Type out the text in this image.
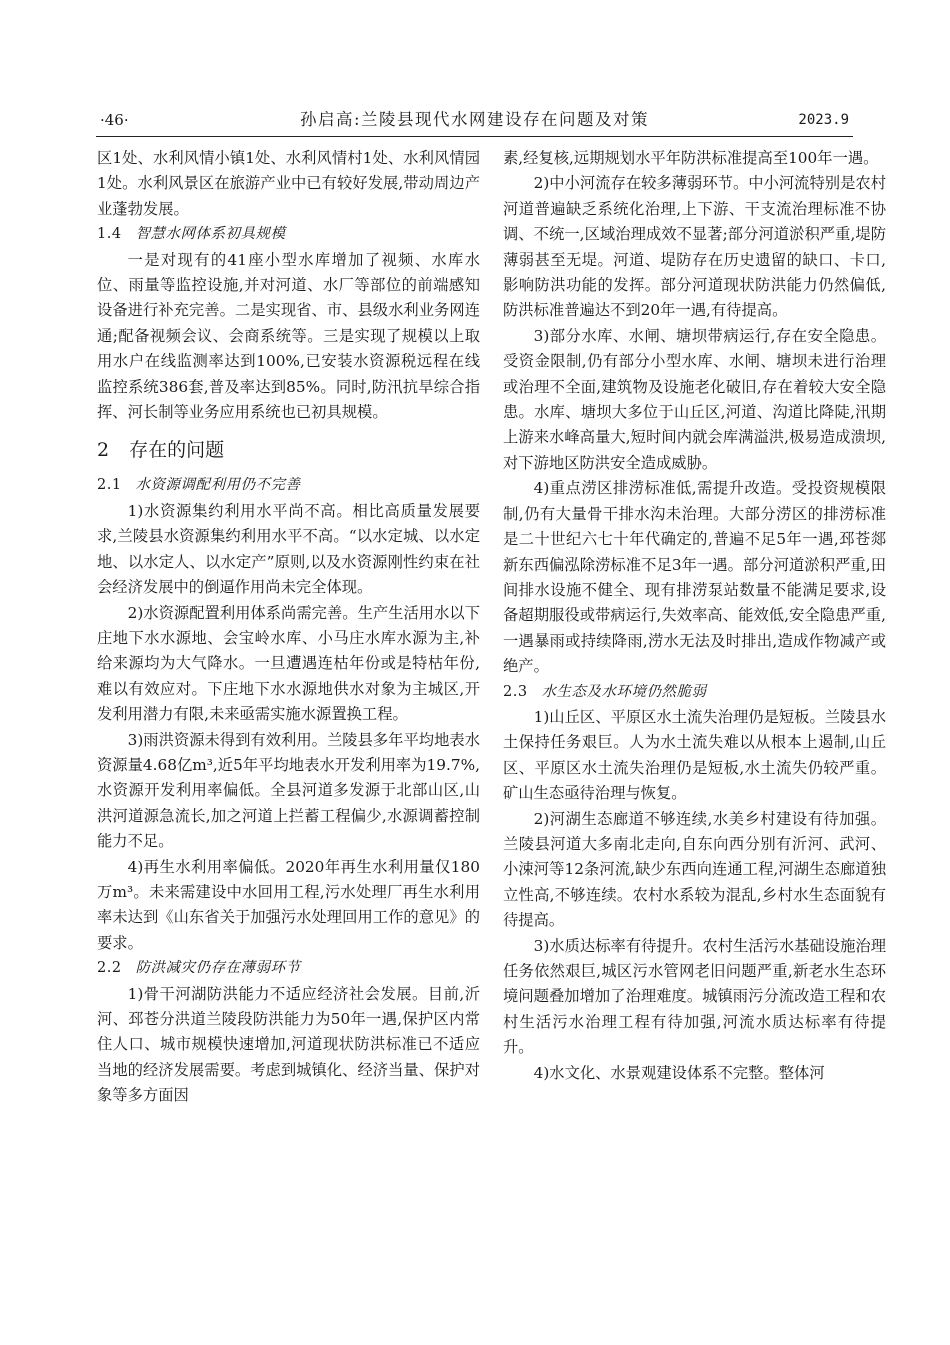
·46·	孙启高:兰陵县现代水网建设存在问题及对策	2023.9

区1处、水利风情小镇1处、水利风情村1处、水利风情园1处。水利风景区在旅游产业中已有较好发展,带动周边产业蓬勃发展。

1.4 智慧水网体系初具规模

一是对现有的41座小型水库增加了视频、水库水位、雨量等监控设施,并对河道、水厂等部位的前端感知设备进行补充完善。二是实现省、市、县级水利业务网连通;配备视频会议、会商系统等。三是实现了规模以上取用水户在线监测率达到100%,已安装水资源税远程在线监控系统386套,普及率达到85%。同时,防汛抗旱综合指挥、河长制等业务应用系统也已初具规模。

2 存在的问题
2.1 水资源调配利用仍不完善

1)水资源集约利用水平尚不高。相比高质量发展要求,兰陵县水资源集约利用水平不高。“以水定城、以水定地、以水定人、以水定产”原则,以及水资源刚性约束在社会经济发展中的倒逼作用尚未完全体现。

2)水资源配置利用体系尚需完善。生产生活用水以下庄地下水水源地、会宝岭水库、小马庄水库水源为主,补给来源均为大气降水。一旦遭遇连枯年份或是特枯年份,难以有效应对。下庄地下水水源地供水对象为主城区,开发利用潜力有限,未来亟需实施水源置换工程。

3)雨洪资源未得到有效利用。兰陵县多年平均地表水资源量4.68亿m³,近5年平均地表水开发利用率为19.7%,水资源开发利用率偏低。全县河道多发源于北部山区,山洪河道源急流长,加之河道上拦蓄工程偏少,水源调蓄控制能力不足。

4)再生水利用率偏低。2020年再生水利用量仅180万m³。未来需建设中水回用工程,污水处理厂再生水利用率未达到《山东省关于加强污水处理回用工作的意见》的要求。

2.2 防洪减灾仍存在薄弱环节

1)骨干河湖防洪能力不适应经济社会发展。目前,沂河、邳苍分洪道兰陵段防洪能力为50年一遇,保护区内常住人口、城市规模快速增加,河道现状防洪标准已不适应当地的经济发展需要。考虑到城镇化、经济当量、保护对象等多方面因

素,经复核,远期规划水平年防洪标准提高至100年一遇。

2)中小河流存在较多薄弱环节。中小河流特别是农村河道普遍缺乏系统化治理,上下游、干支流治理标准不协调、不统一,区域治理成效不显著;部分河道淤积严重,堤防薄弱甚至无堤。河道、堤防存在历史遗留的缺口、卡口,影响防洪功能的发挥。部分河道现状防洪能力仍然偏低,防洪标准普遍达不到20年一遇,有待提高。

3)部分水库、水闸、塘坝带病运行,存在安全隐患。受资金限制,仍有部分小型水库、水闸、塘坝未进行治理或治理不全面,建筑物及设施老化破旧,存在着较大安全隐患。水库、塘坝大多位于山丘区,河道、沟道比降陡,汛期上游来水峰高量大,短时间内就会库满溢洪,极易造成溃坝,对下游地区防洪安全造成威胁。

4)重点涝区排涝标准低,需提升改造。受投资规模限制,仍有大量骨干排水沟未治理。大部分涝区的排涝标准是二十世纪六七十年代确定的,普遍不足5年一遇,邳苍郯新东西偏泓除涝标准不足3年一遇。部分河道淤积严重,田间排水设施不健全、现有排涝泵站数量不能满足要求,设备超期服役或带病运行,失效率高、能效低,安全隐患严重,一遇暴雨或持续降雨,涝水无法及时排出,造成作物减产或绝产。

2.3 水生态及水环境仍然脆弱

1)山丘区、平原区水土流失治理仍是短板。兰陵县水土保持任务艰巨。人为水土流失难以从根本上遏制,山丘区、平原区水土流失治理仍是短板,水土流失仍较严重。矿山生态亟待治理与恢复。

2)河湖生态廊道不够连续,水美乡村建设有待加强。兰陵县河道大多南北走向,自东向西分别有沂河、武河、小涑河等12条河流,缺少东西向连通工程,河湖生态廊道独立性高,不够连续。农村水系较为混乱,乡村水生态面貌有待提高。

3)水质达标率有待提升。农村生活污水基础设施治理任务依然艰巨,城区污水管网老旧问题严重,新老水生态环境问题叠加增加了治理难度。城镇雨污分流改造工程和农村生活污水治理工程有待加强,河流水质达标率有待提升。

4)水文化、水景观建设体系不完整。整体河
